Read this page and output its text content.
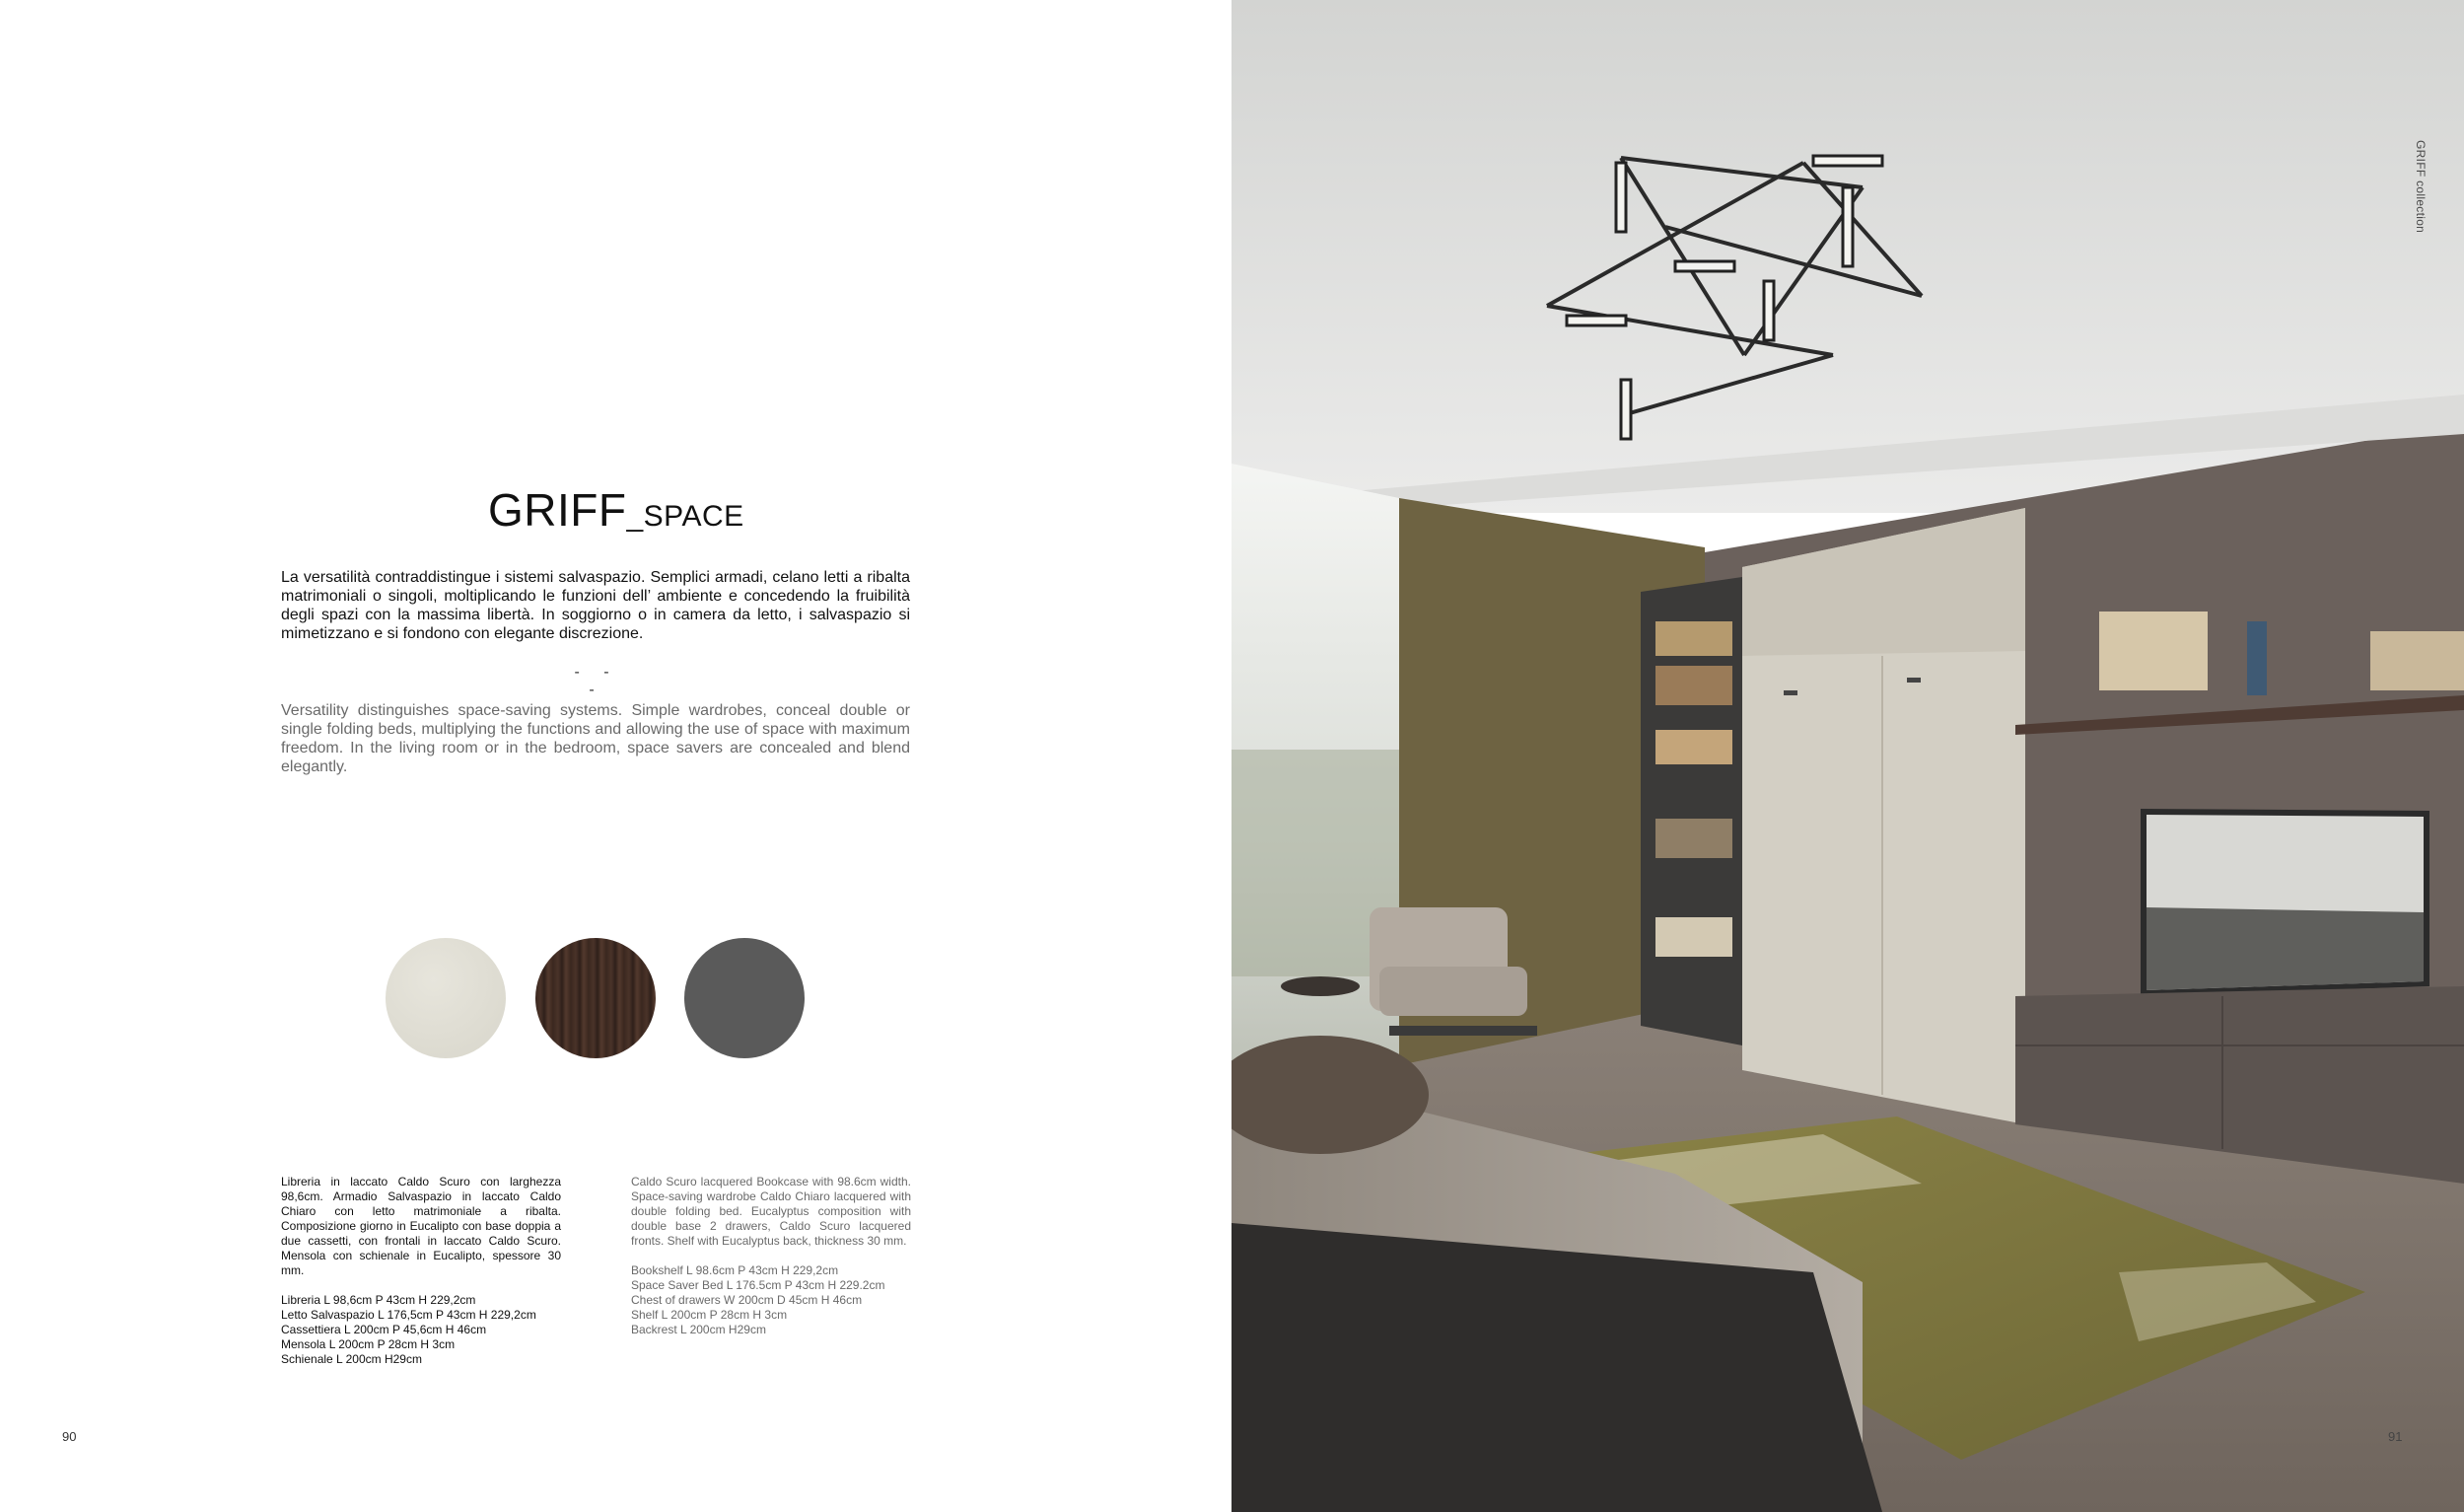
GRIFF_SPACE
La versatilità contraddistingue i sistemi salvaspazio. Semplici armadi, celano letti a ribalta matrimoniali o singoli, moltiplicando le funzioni dell’ ambiente e concedendo la fruibilità degli spazi con la massima libertà. In soggiorno o in camera da letto, i salvaspazio si mimetizzano e si fondono con elegante discrezione.
- - -
Versatility distinguishes space-saving systems. Simple wardrobes, conceal double or single folding beds, multiplying the functions and allowing the use of space with maximum freedom. In the living room or in the bedroom, space savers are concealed and blend elegantly.
Libreria in laccato Caldo Scuro con larghezza 98,6cm. Armadio Salvaspazio in laccato Caldo Chiaro con letto matrimoniale a ribalta. Composizione giorno in Eucalipto con base doppia a due cassetti, con frontali in laccato Caldo Scuro. Mensola con schienale in Eucalipto, spessore 30 mm.
Libreria L 98,6cm P 43cm H 229,2cm
Letto Salvaspazio L 176,5cm P 43cm H 229,2cm
Cassettiera L 200cm P 45,6cm H 46cm
Mensola L 200cm P 28cm H 3cm
Schienale L 200cm H29cm
Caldo Scuro lacquered Bookcase with 98.6cm width. Space-saving wardrobe Caldo Chiaro lacquered with double folding bed. Eucalyptus composition with double base 2 drawers, Caldo Scuro lacquered fronts. Shelf with Eucalyptus back, thickness 30 mm.
Bookshelf L 98.6cm P 43cm H 229,2cm
Space Saver Bed L 176.5cm P 43cm H 229.2cm
Chest of drawers W 200cm D 45cm H 46cm
Shelf L 200cm P 28cm H 3cm
Backrest L 200cm H29cm
90
GRIFF collection
91
